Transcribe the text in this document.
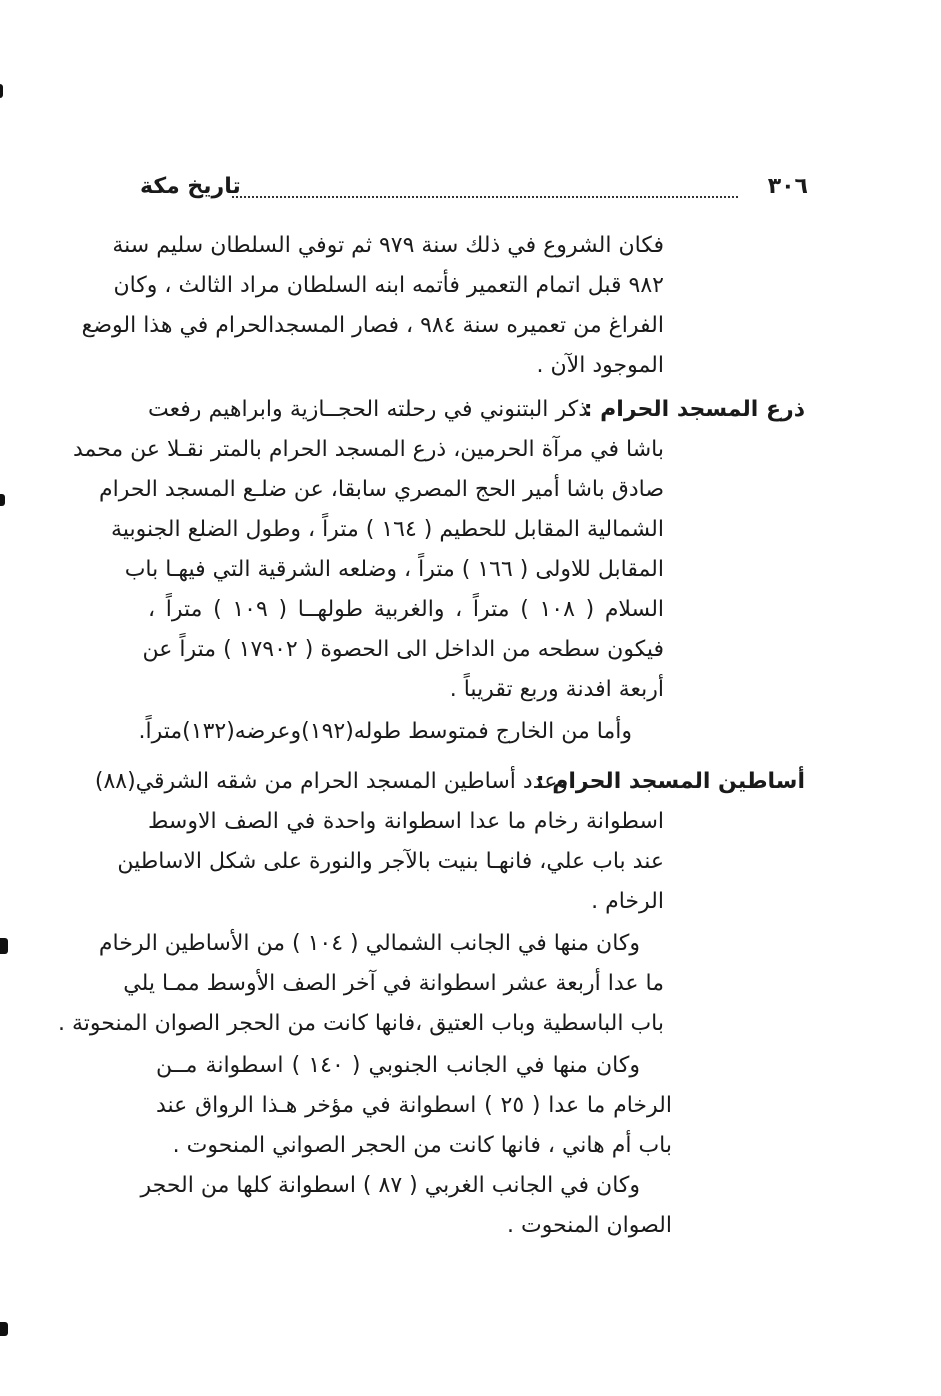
تاريخ مكة	٣٠٦
فكان الشروع في ذلك سنة ٩٧٩ ثم توفي السلطان سليم سنة
٩٨٢ قبل اتمام التعمير فأتمه ابنه السلطان مراد الثالث ، وكان
الفراغ من تعميره سنة ٩٨٤ ، فصار المسجدالحرام في هذا الوضع
الموجود الآن .
ذرع المسجد الحرام :
ذكر البتنوني في رحلته الحجــازية وابراهيم رفعت
باشا في مرآة الحرمين، ذرع المسجد الحرام بالمتر نقـلا عن محمد
صادق باشا أمير الحج المصري سابقا، عن ضلـع المسجد الحرام
الشمالية المقابل للحطيم ( ١٦٤ ) متراً ، وطول الضلع الجنوبية
المقابل للاولى ( ١٦٦ ) متراً ، وضلعه الشرقية التي فيهـا باب
السلام ( ١٠٨ ) متراً ، والغربية طولهــا ( ١٠٩ ) متراً ،
فيكون سطحه من الداخل الى الحصوة ( ١٧٩٠٢ ) متراً عن
أربعة افدنة وربع تقريباً .
وأما من الخارج فمتوسط طوله(١٩٢)وعرضه(١٣٢)متراً.
أساطين المسجد الحرام :
وعدد أساطين المسجد الحرام من شقه الشرقي(٨٨)
اسطوانة رخام ما عدا اسطوانة واحدة في الصف الاوسط
عند باب علي، فانهـا بنيت بالآجر والنورة على شكل الاساطين
الرخام .
وكان منها في الجانب الشمالي ( ١٠٤ ) من الأساطين الرخام
ما عدا أربعة عشر اسطوانة في آخر الصف الأوسط ممـا يلي
باب الباسطية وباب العتيق ،فانها كانت من الحجر الصوان المنحوتة .
وكان منها في الجانب الجنوبي ( ١٤٠ ) اسطوانة مــن
الرخام ما عدا ( ٢٥ ) اسطوانة في مؤخر هـذا الرواق عند
باب أم هاني ، فانها كانت من الحجر الصواني المنحوت .
وكان في الجانب الغربي ( ٨٧ ) اسطوانة كلها من الحجر
الصوان المنحوت .
